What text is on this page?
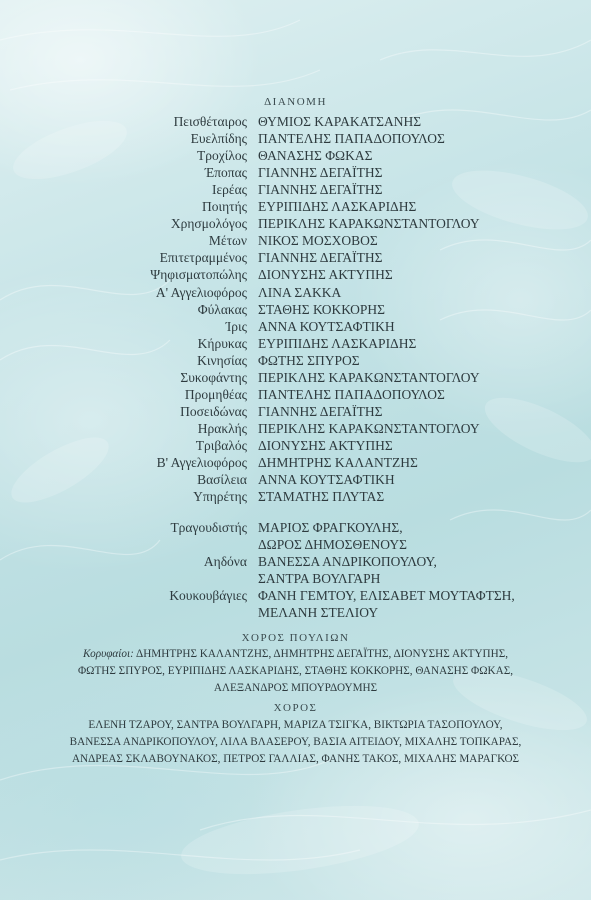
ΔΙΑΝΟΜΗ
Πεισθέταιρος ΘΥΜΙΟΣ ΚΑΡΑΚΑΤΣΑΝΗΣ
Ευελπίδης ΠΑΝΤΕΛΗΣ ΠΑΠΑΔΟΠΟΥΛΟΣ
Τροχίλος ΘΑΝΑΣΗΣ ΦΩΚΑΣ
Έποπας ΓΙΑΝΝΗΣ ΔΕΓΑΪΤΗΣ
Ιερέας ΓΙΑΝΝΗΣ ΔΕΓΑΪΤΗΣ
Ποιητής ΕΥΡΙΠΙΔΗΣ ΛΑΣΚΑΡΙΔΗΣ
Χρησμολόγος ΠΕΡΙΚΛΗΣ ΚΑΡΑΚΩΝΣΤΑΝΤΟΓΛΟΥ
Μέτων ΝΙΚΟΣ ΜΟΣΧΟΒΟΣ
Επιτετραμμένος ΓΙΑΝΝΗΣ ΔΕΓΑΪΤΗΣ
Ψηφισματοπώλης ΔΙΟΝΥΣΗΣ ΑΚΤΥΠΗΣ
Α' Αγγελιοφόρος ΛΙΝΑ ΣΑΚΚΑ
Φύλακας ΣΤΑΘΗΣ ΚΟΚΚΟΡΗΣ
Ίρις ΑΝΝΑ ΚΟΥΤΣΑΦΤΙΚΗ
Κήρυκας ΕΥΡΙΠΙΔΗΣ ΛΑΣΚΑΡΙΔΗΣ
Κινησίας ΦΩΤΗΣ ΣΠΥΡΟΣ
Συκοφάντης ΠΕΡΙΚΛΗΣ ΚΑΡΑΚΩΝΣΤΑΝΤΟΓΛΟΥ
Προμηθέας ΠΑΝΤΕΛΗΣ ΠΑΠΑΔΟΠΟΥΛΟΣ
Ποσειδώνας ΓΙΑΝΝΗΣ ΔΕΓΑΪΤΗΣ
Ηρακλής ΠΕΡΙΚΛΗΣ ΚΑΡΑΚΩΝΣΤΑΝΤΟΓΛΟΥ
Τριβαλός ΔΙΟΝΥΣΗΣ ΑΚΤΥΠΗΣ
Β' Αγγελιοφόρος ΔΗΜΗΤΡΗΣ ΚΑΛΑΝΤΖΗΣ
Βασίλεια ΑΝΝΑ ΚΟΥΤΣΑΦΤΙΚΗ
Υπηρέτης ΣΤΑΜΑΤΗΣ ΠΛΥΤΑΣ
Τραγουδιστής ΜΑΡΙΟΣ ΦΡΑΓΚΟΥΛΗΣ,
ΔΩΡΟΣ ΔΗΜΟΣΘΕΝΟΥΣ
Αηδόνα ΒΑΝΕΣΣΑ ΑΝΔΡΙΚΟΠΟΥΛΟΥ,
ΣΑΝΤΡΑ ΒΟΥΛΓΑΡΗ
Κουκουβάγιες ΦΑΝΗ ΓΕΜΤΟΥ, ΕΛΙΣΑΒΕΤ ΜΟΥΤΑΦΤΣΗ,
ΜΕΛΑΝΗ ΣΤΕΛΙΟΥ
ΧΟΡΟΣ ΠΟΥΛΙΩΝ
Κορυφαίοι: ΔΗΜΗΤΡΗΣ ΚΑΛΑΝΤΖΗΣ, ΔΗΜΗΤΡΗΣ ΔΕΓΑΪΤΗΣ, ΔΙΟΝΥΣΗΣ ΑΚΤΥΠΗΣ,
ΦΩΤΗΣ ΣΠΥΡΟΣ, ΕΥΡΙΠΙΔΗΣ ΛΑΣΚΑΡΙΔΗΣ, ΣΤΑΘΗΣ ΚΟΚΚΟΡΗΣ, ΘΑΝΑΣΗΣ ΦΩΚΑΣ,
ΑΛΕΞΑΝΔΡΟΣ ΜΠΟΥΡΔΟΥΜΗΣ
ΧΟΡΟΣ
ΕΛΕΝΗ ΤΖΑΡΟΥ, ΣΑΝΤΡΑ ΒΟΥΛΓΑΡΗ, ΜΑΡΙΖΑ ΤΣΙΓΚΑ, ΒΙΚΤΩΡΙΑ ΤΑΣΟΠΟΥΛΟΥ,
ΒΑΝΕΣΣΑ ΑΝΔΡΙΚΟΠΟΥΛΟΥ, ΛΙΛΑ ΒΛΑΣΕΡΟΥ, ΒΑΣΙΑ ΑΙΤΕΙΔΟΥ, ΜΙΧΑΛΗΣ ΤΟΠΚΑΡΑΣ,
ΑΝΔΡΕΑΣ ΣΚΛΑΒΟΥΝΑΚΟΣ, ΠΕΤΡΟΣ ΓΑΛΛΙΑΣ, ΦΑΝΗΣ ΤΑΚΟΣ, ΜΙΧΑΛΗΣ ΜΑΡΑΓΚΟΣ
